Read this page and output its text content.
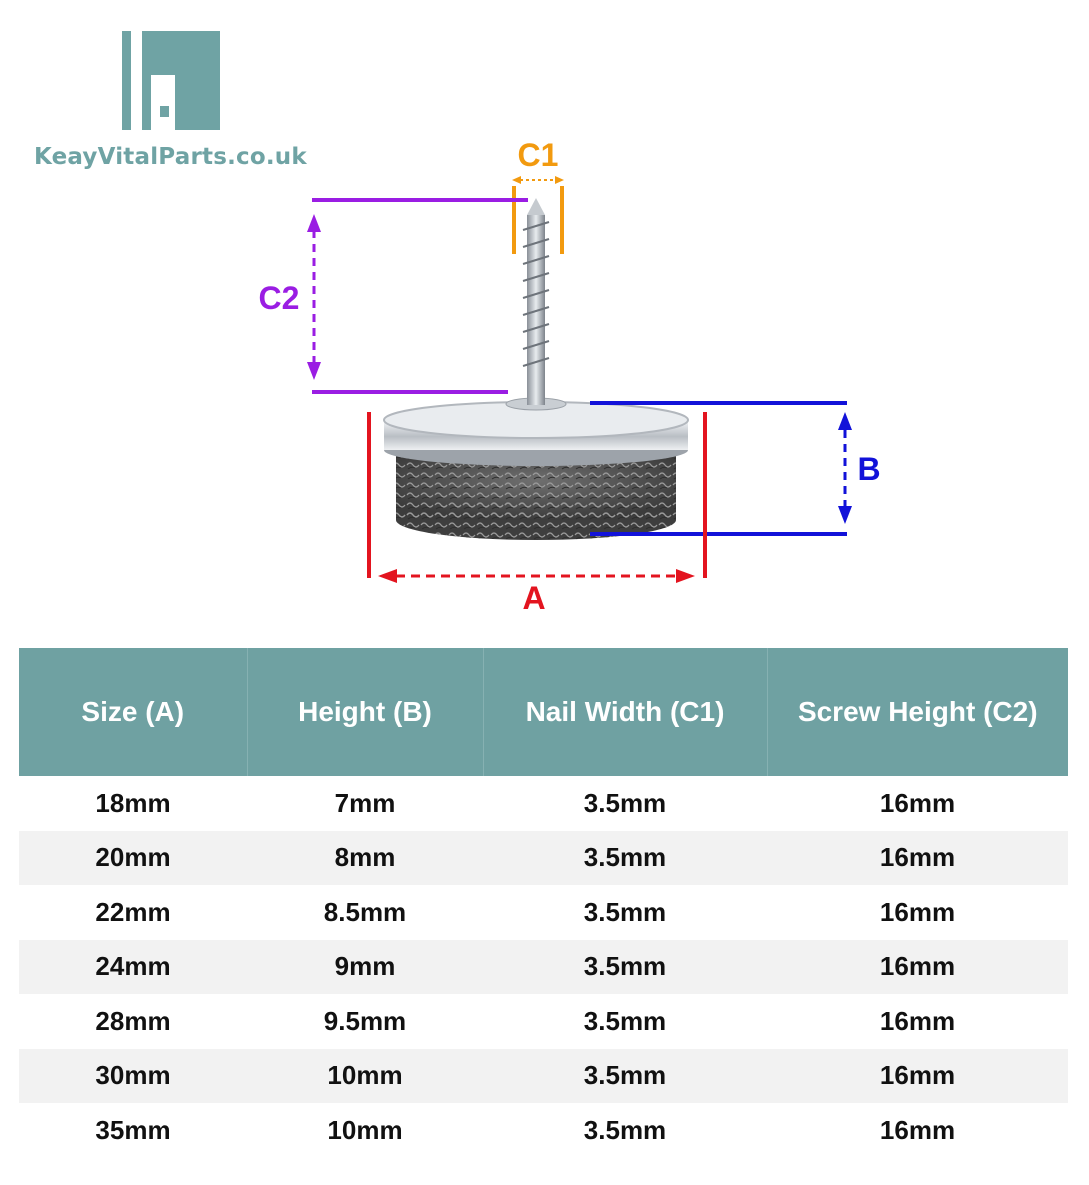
KeayVitalParts.co.uk	C1
C2
B
A
Size (A)	Height (B)	Nail Width (C1)	Screw Height (C2)
18mm	7mm	3.5mm	16mm
20mm	8mm	3.5mm	16mm
22mm	8.5mm	3.5mm	16mm
24mm	9mm	3.5mm	16mm
28mm	9.5mm	3.5mm	16mm
30mm	10mm	3.5mm	16mm
35mm	10mm	3.5mm	16mm
